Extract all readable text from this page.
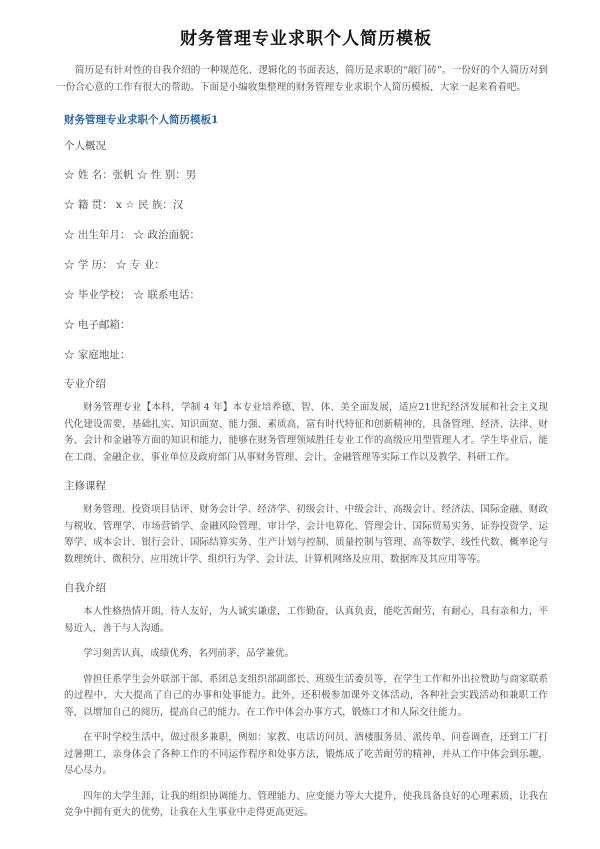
财务管理专业求职个人简历模板

简历是有针对性的自我介绍的一种规范化、逻辑化的书面表达，简历是求职的“敲门砖”。一份好的个人简历对到一份合心意的工作有很大的帮助。下面是小编收集整理的财务管理专业求职个人简历模板，大家一起来看看吧。

财务管理专业求职个人简历模板1

个人概况

☆ 姓 名：张帆 ☆ 性 别：男

☆ 籍 贯： x ☆ 民 族：汉

☆ 出生年月： ☆ 政治面貌：

☆ 学 历： ☆ 专 业：

☆ 毕业学校： ☆ 联系电话：

☆ 电子邮箱：

☆ 家庭地址：

专业介绍

财务管理专业【本科，学制 4 年】本专业培养德、智、体、美全面发展，适应21世纪经济发展和社会主义现代化建设需要，基础扎实、知识面宽、能力强、素质高，富有时代特征和创新精神的，具备管理、经济、法律、财务、会计和金融等方面的知识和能力，能够在财务管理领域胜任专业工作的高级应用型管理人才。学生毕业后，能在工商、金融企业、事业单位及政府部门从事财务管理、会计、金融管理等实际工作以及教学、科研工作。

主修课程

财务管理、投资项目估评、财务会计学、经济学、初级会计、中级会计、高级会计、经济法、国际金融、财政与税收、管理学、市场营销学、金融风险管理、审计学、会计电算化、管理会计、国际贸易实务、证券投资学、运筹学、成本会计、银行会计、国际结算实务、生产计划与控制、质量控制与管理、高等数学、线性代数、概率论与数理统计、微积分、应用统计学、组织行为学、会计法、计算机网络及应用、数据库及其应用等等。

自我介绍

本人性格热情开朗，待人友好，为人诚实谦虚，工作勤奋，认真负责，能吃苦耐劳，有耐心，具有亲和力，平易近人，善于与人沟通。

学习刻苦认真，成绩优秀，名列前茅，品学兼优。

曾担任系学生会外联部干部、系团总支组织部副部长、班级生活委员等，在学生工作和外出拉赞助与商家联系的过程中，大大提高了自己的办事和处事能力。此外，还积极参加课外文体活动，各种社会实践活动和兼职工作等，以增加自己的阅历，提高自己的能力。在工作中体会办事方式，锻炼口才和人际交往能力。

在平时学校生活中，做过很多兼职，例如：家教、电话访问员、酒楼服务员、派传单、问卷调查，还到工厂打过暑期工，亲身体会了各种工作的不同运作程序和处事方法，锻炼成了吃苦耐劳的精神，并从工作中体会到乐趣，尽心尽力。

四年的大学生涯，让我的组织协调能力、管理能力、应变能力等大大提升，使我具备良好的心理素质，让我在竞争中拥有更大的优势，让我在人生事业中走得更高更远。
